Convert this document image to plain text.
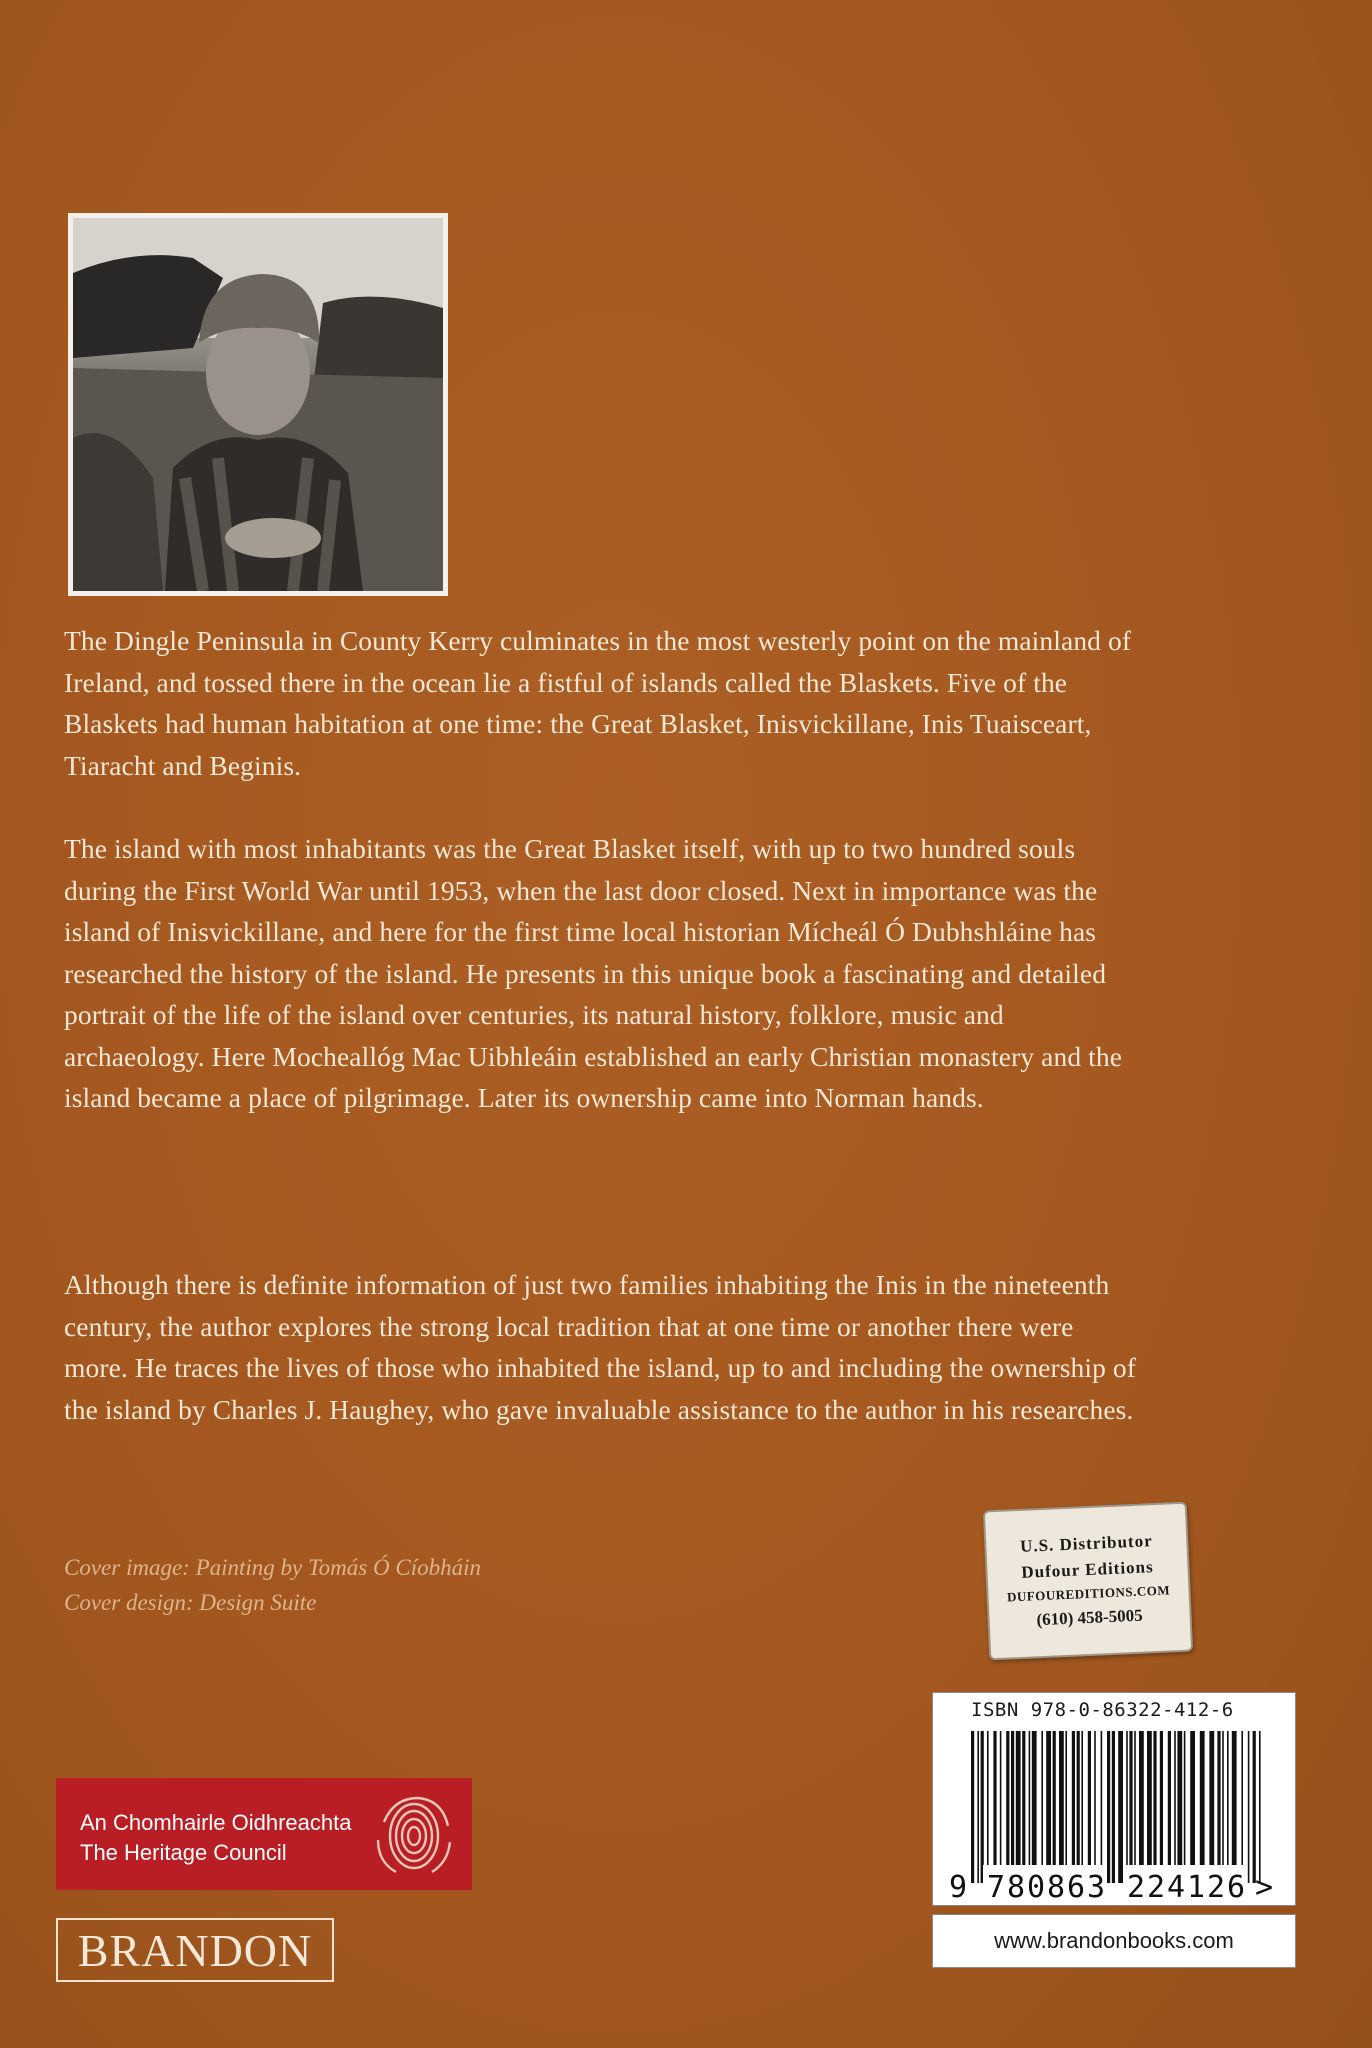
The Dingle Peninsula in County Kerry culminates in the most westerly point on the mainland of Ireland, and tossed there in the ocean lie a fistful of islands called the Blaskets. Five of the Blaskets had human habitation at one time: the Great Blasket, Inisvickillane, Inis Tuaisceart, Tiaracht and Beginis.

The island with most inhabitants was the Great Blasket itself, with up to two hundred souls during the First World War until 1953, when the last door closed. Next in importance was the island of Inisvickillane, and here for the first time local historian Mícheál Ó Dubhshláine has researched the history of the island. He presents in this unique book a fascinating and detailed portrait of the life of the island over centuries, its natural history, folklore, music and archaeology. Here Mocheallóg Mac Uibhleáin established an early Christian monastery and the island became a place of pilgrimage. Later its ownership came into Norman hands.

Although there is definite information of just two families inhabiting the Inis in the nineteenth century, the author explores the strong local tradition that at one time or another there were more. He traces the lives of those who inhabited the island, up to and including the ownership of the island by Charles J. Haughey, who gave invaluable assistance to the author in his researches.

Cover image: Painting by Tomás Ó Cíobháin
Cover design: Design Suite
U.S. Distributor
Dufour Editions
DUFOUREDITIONS.COM
(610) 458-5005
ISBN 978-0-86322-412-6
9 780863 224126 >
www.brandonbooks.com
An Chomhairle Oidhreachta
The Heritage Council
BRANDON
